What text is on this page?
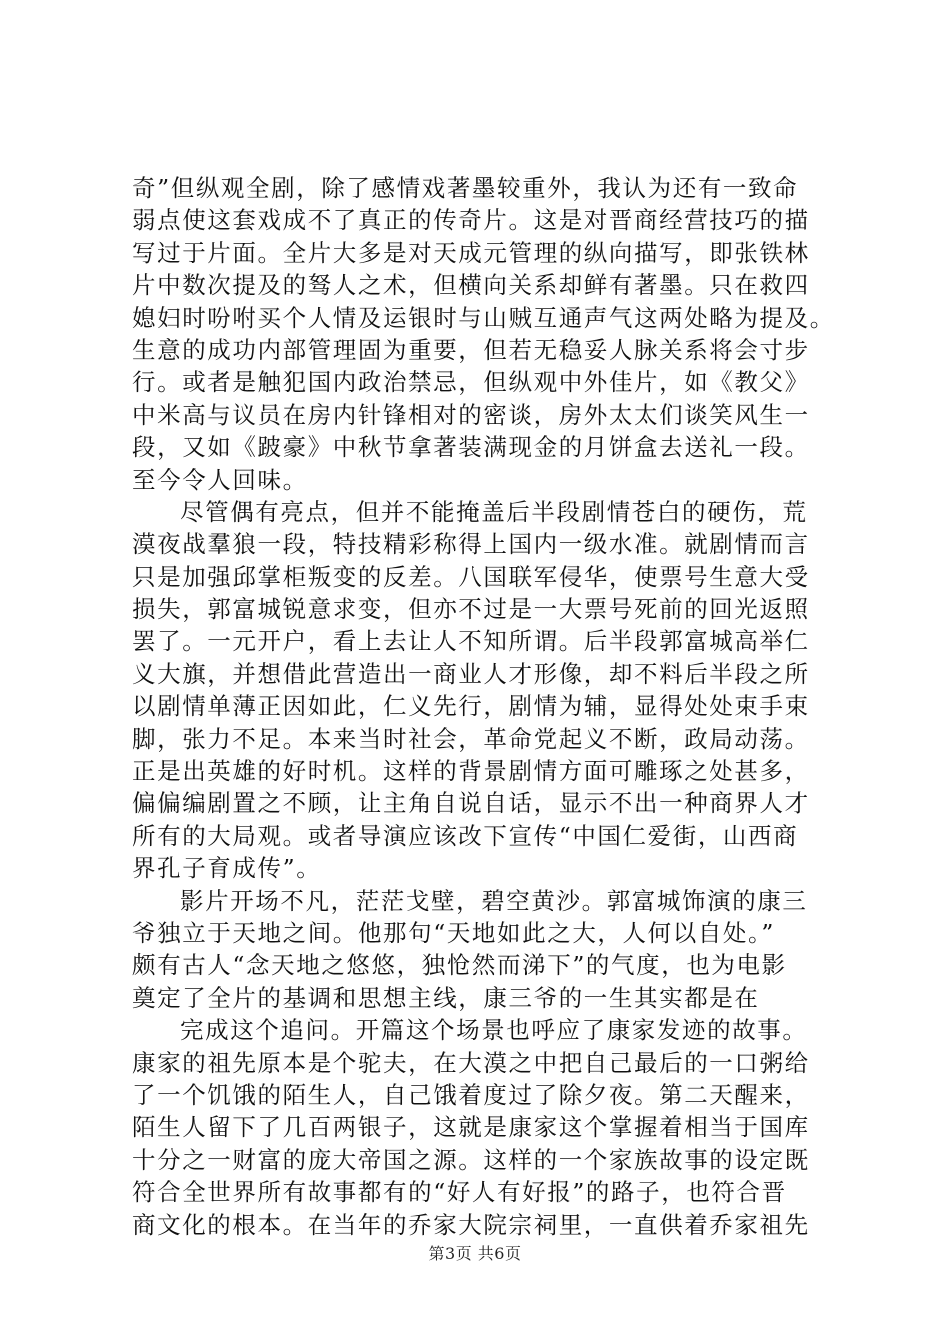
奇”但纵观全剧，除了感情戏著墨较重外，我认为还有一致命
弱点使这套戏成不了真正的传奇片。这是对晋商经营技巧的描
写过于片面。全片大多是对天成元管理的纵向描写，即张铁林
片中数次提及的驽人之术，但横向关系却鲜有著墨。只在救四
媳妇时吩咐买个人情及运银时与山贼互通声气这两处略为提及。
生意的成功内部管理固为重要，但若无稳妥人脉关系将会寸步
行。或者是触犯国内政治禁忌，但纵观中外佳片，如《教父》
中米高与议员在房内针锋相对的密谈，房外太太们谈笑风生一
段，又如《跛豪》中秋节拿著装满现金的月饼盒去送礼一段。
至今令人回味。
尽管偶有亮点，但并不能掩盖后半段剧情苍白的硬伤，荒
漠夜战羣狼一段，特技精彩称得上国内一级水准。就剧情而言
只是加强邱掌柜叛变的反差。八国联军侵华，使票号生意大受
损失，郭富城锐意求变，但亦不过是一大票号死前的回光返照
罢了。一元开户，看上去让人不知所谓。后半段郭富城高举仁
义大旗，并想借此营造出一商业人才形像，却不料后半段之所
以剧情单薄正因如此，仁义先行，剧情为辅，显得处处束手束
脚，张力不足。本来当时社会，革命党起义不断，政局动荡。
正是出英雄的好时机。这样的背景剧情方面可雕琢之处甚多，
偏偏编剧置之不顾，让主角自说自话，显示不出一种商界人才
所有的大局观。或者导演应该改下宣传“中国仁爱街，山西商
界孔子育成传”。
影片开场不凡，茫茫戈壁，碧空黄沙。郭富城饰演的康三
爷独立于天地之间。他那句“天地如此之大，人何以自处。”
颇有古人“念天地之悠悠，独怆然而涕下”的气度，也为电影
奠定了全片的基调和思想主线，康三爷的一生其实都是在
完成这个追问。开篇这个场景也呼应了康家发迹的故事。
康家的祖先原本是个驼夫，在大漠之中把自己最后的一口粥给
了一个饥饿的陌生人，自己饿着度过了除夕夜。第二天醒来，
陌生人留下了几百两银子，这就是康家这个掌握着相当于国库
十分之一财富的庞大帝国之源。这样的一个家族故事的设定既
符合全世界所有故事都有的“好人有好报”的路子，也符合晋
商文化的根本。在当年的乔家大院宗祠里，一直供着乔家祖先
第3页 共6页
